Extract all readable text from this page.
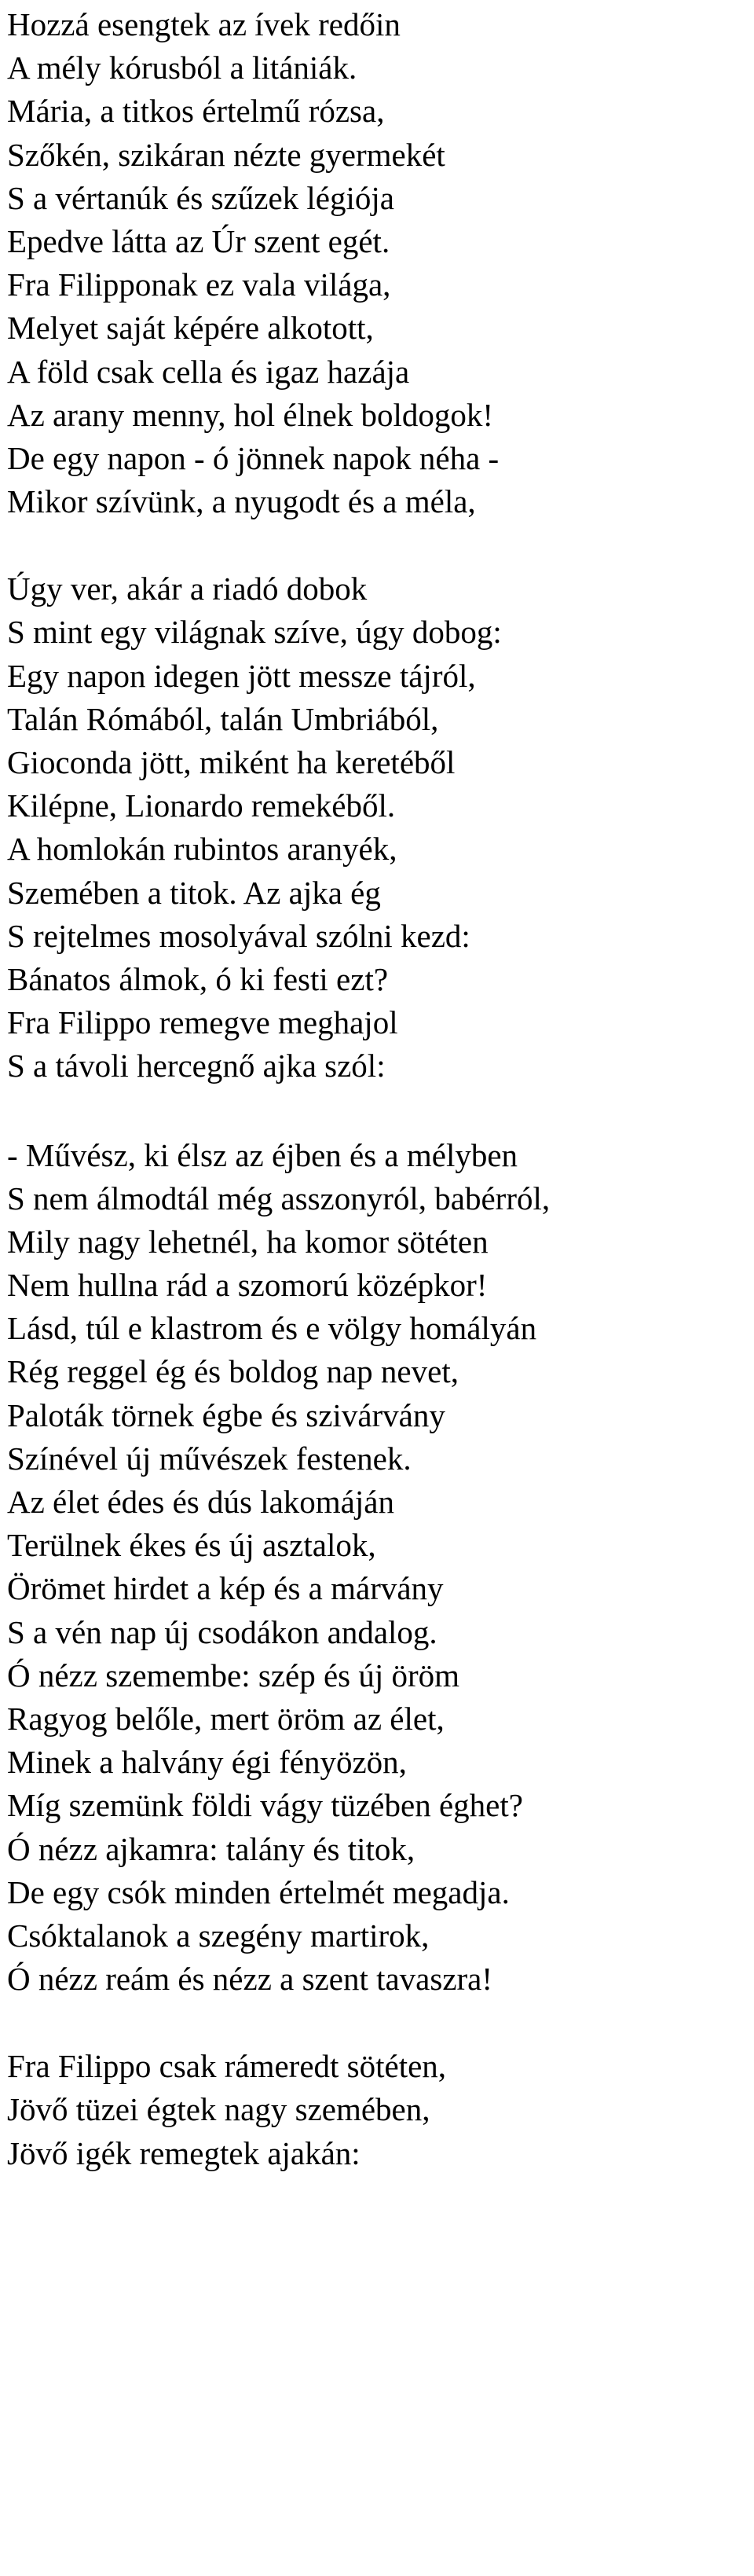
Hozzá esengtek az ívek redőin
A mély kórusból a litániák.
Mária, a titkos értelmű rózsa,
Szőkén, szikáran nézte gyermekét
S a vértanúk és szűzek légiója
Epedve látta az Úr szent egét.
Fra Filipponak ez vala világa,
Melyet saját képére alkotott,
A föld csak cella és igaz hazája
Az arany menny, hol élnek boldogok!
De egy napon - ó jönnek napok néha -
Mikor szívünk, a nyugodt és a méla,
Úgy ver, akár a riadó dobok
S mint egy világnak szíve, úgy dobog:
Egy napon idegen jött messze tájról,
Talán Rómából, talán Umbriából,
Gioconda jött, miként ha keretéből
Kilépne, Lionardo remekéből.
A homlokán rubintos aranyék,
Szemében a titok. Az ajka ég
S rejtelmes mosolyával szólni kezd:
Bánatos álmok, ó ki festi ezt?
Fra Filippo remegve meghajol
S a távoli hercegnő ajka szól:
- Művész, ki élsz az éjben és a mélyben
S nem álmodtál még asszonyról, babérról,
Mily nagy lehetnél, ha komor sötéten
Nem hullna rád a szomorú középkor!
Lásd, túl e klastrom és e völgy homályán
Rég reggel ég és boldog nap nevet,
Paloták törnek égbe és szivárvány
Színével új művészek festenek.
Az élet édes és dús lakomáján
Terülnek ékes és új asztalok,
Örömet hirdet a kép és a márvány
S a vén nap új csodákon andalog.
Ó nézz szemembe: szép és új öröm
Ragyog belőle, mert öröm az élet,
Minek a halvány égi fényözön,
Míg szemünk földi vágy tüzében éghet?
Ó nézz ajkamra: talány és titok,
De egy csók minden értelmét megadja.
Csóktalanok a szegény martirok,
Ó nézz reám és nézz a szent tavaszra!
Fra Filippo csak rámeredt sötéten,
Jövő tüzei égtek nagy szemében,
Jövő igék remegtek ajakán:
